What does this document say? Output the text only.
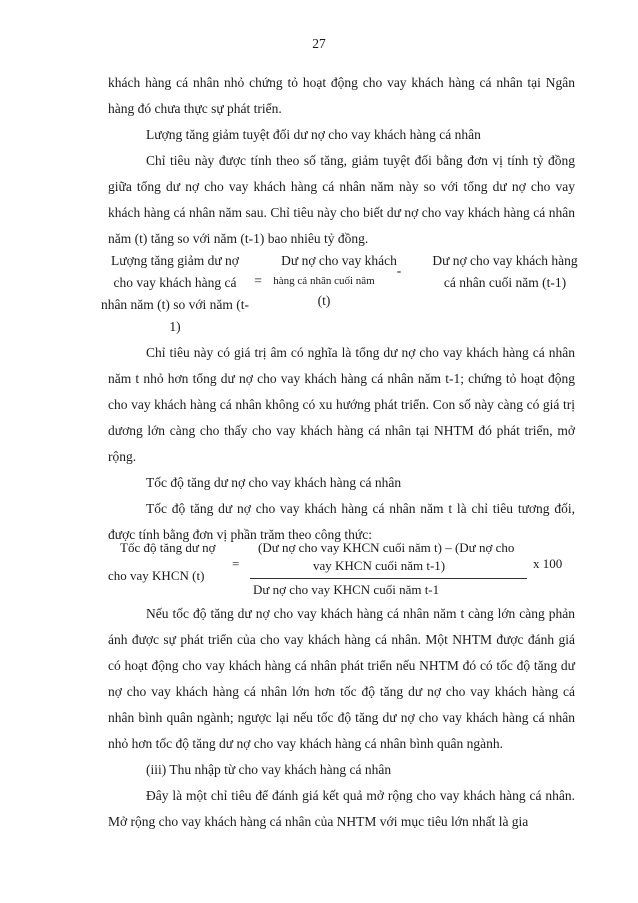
27

khách hàng cá nhân nhỏ chứng tỏ hoạt động cho vay khách hàng cá nhân tại Ngân hàng đó chưa thực sự phát triển.

Lượng tăng giảm tuyệt đối dư nợ cho vay khách hàng cá nhân

Chỉ tiêu này được tính theo số tăng, giảm tuyệt đối bằng đơn vị tính tỷ đồng giữa tổng dư nợ cho vay khách hàng cá nhân năm này so với tổng dư nợ cho vay khách hàng cá nhân năm sau. Chỉ tiêu này cho biết dư nợ cho vay khách hàng cá nhân năm (t) tăng so với năm (t-1) bao nhiêu tỷ đồng.

Lượng tăng giảm dư nợ cho vay khách hàng cá nhân năm (t) so với năm (t-1)
=
Dư nợ cho vay khách
hàng cá nhân cuối năm
(t)
-
Dư nợ cho vay khách hàng cá nhân cuối năm (t-1)

Chỉ tiêu này có giá trị âm có nghĩa là tổng dư nợ cho vay khách hàng cá nhân năm t nhỏ hơn tổng dư nợ cho vay khách hàng cá nhân năm t-1; chứng tỏ hoạt động cho vay khách hàng cá nhân không có xu hướng phát triển. Con số này càng có giá trị dương lớn càng cho thấy cho vay khách hàng cá nhân tại NHTM đó phát triển, mở rộng.

Tốc độ tăng dư nợ cho vay khách hàng cá nhân

Tốc độ tăng dư nợ cho vay khách hàng cá nhân năm t là chỉ tiêu tương đối, được tính bằng đơn vị phần trăm theo công thức:

Tốc độ tăng dư nợ
cho vay KHCN (t)
=
(Dư nợ cho vay KHCN cuối năm t) – (Dư nợ cho
vay KHCN cuối năm t-1)
Dư nợ cho vay KHCN cuối năm t-1
x 100

Nếu tốc độ tăng dư nợ cho vay khách hàng cá nhân năm t càng lớn càng phản ánh được sự phát triển của cho vay khách hàng cá nhân. Một NHTM được đánh giá có hoạt động cho vay khách hàng cá nhân phát triển nếu NHTM đó có tốc độ tăng dư nợ cho vay khách hàng cá nhân lớn hơn tốc độ tăng dư nợ cho vay khách hàng cá nhân bình quân ngành; ngược lại nếu tốc độ tăng dư nợ cho vay khách hàng cá nhân nhỏ hơn tốc độ tăng dư nợ cho vay khách hàng cá nhân bình quân ngành.

(iii) Thu nhập từ cho vay khách hàng cá nhân

Đây là một chỉ tiêu để đánh giá kết quả mở rộng cho vay khách hàng cá nhân. Mở rộng cho vay khách hàng cá nhân của NHTM với mục tiêu lớn nhất là gia
